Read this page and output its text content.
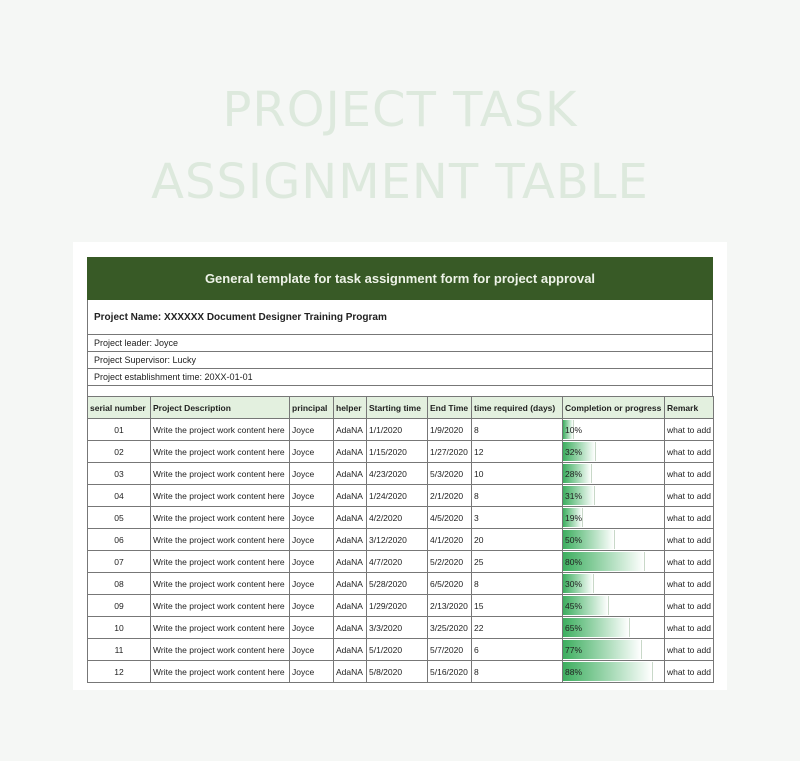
PROJECT TASK
ASSIGNMENT TABLE
General template for task assignment form for project approval
Project Name: XXXXXX Document Designer Training Program
Project leader: Joyce
Project Supervisor: Lucky
Project establishment time: 20XX-01-01
serial number	Project Description	principal	helper	Starting time	End Time	time required (days)	Completion or progress	Remark
01	Write the project work content here	Joyce	AdaNA	1/1/2020	1/9/2020	8	10%	what to add
02	Write the project work content here	Joyce	AdaNA	1/15/2020	1/27/2020	12	32%	what to add
03	Write the project work content here	Joyce	AdaNA	4/23/2020	5/3/2020	10	28%	what to add
04	Write the project work content here	Joyce	AdaNA	1/24/2020	2/1/2020	8	31%	what to add
05	Write the project work content here	Joyce	AdaNA	4/2/2020	4/5/2020	3	19%	what to add
06	Write the project work content here	Joyce	AdaNA	3/12/2020	4/1/2020	20	50%	what to add
07	Write the project work content here	Joyce	AdaNA	4/7/2020	5/2/2020	25	80%	what to add
08	Write the project work content here	Joyce	AdaNA	5/28/2020	6/5/2020	8	30%	what to add
09	Write the project work content here	Joyce	AdaNA	1/29/2020	2/13/2020	15	45%	what to add
10	Write the project work content here	Joyce	AdaNA	3/3/2020	3/25/2020	22	65%	what to add
11	Write the project work content here	Joyce	AdaNA	5/1/2020	5/7/2020	6	77%	what to add
12	Write the project work content here	Joyce	AdaNA	5/8/2020	5/16/2020	8	88%	what to add
